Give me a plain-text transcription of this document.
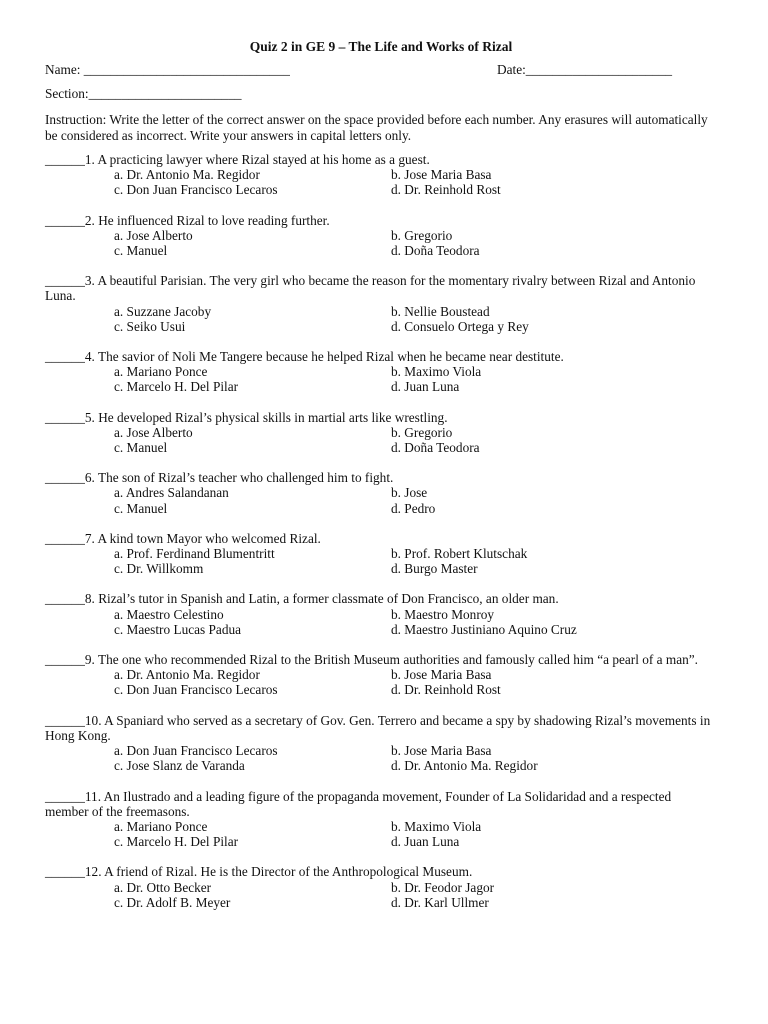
Quiz 2 in GE 9 – The Life and Works of Rizal
Name: _______________________________	Date:______________________
Section:_______________________
Instruction: Write the letter of the correct answer on the space provided before each number. Any erasures will automatically be considered as incorrect. Write your answers in capital letters only.
______1. A practicing lawyer where Rizal stayed at his home as a guest.
a. Dr. Antonio Ma. Regidor	b. Jose Maria Basa
c. Don Juan Francisco Lecaros	d. Dr. Reinhold Rost
______2. He influenced Rizal to love reading further.
a. Jose Alberto	b. Gregorio
c. Manuel	d. Doña Teodora
______3. A beautiful Parisian. The very girl who became the reason for the momentary rivalry between Rizal and Antonio Luna.
a. Suzzane Jacoby	b. Nellie Boustead
c. Seiko Usui	d. Consuelo Ortega y Rey
______4. The savior of Noli Me Tangere because he helped Rizal when he became near destitute.
a. Mariano Ponce	b. Maximo Viola
c. Marcelo H. Del Pilar	d. Juan Luna
______5. He developed Rizal’s physical skills in martial arts like wrestling.
a. Jose Alberto	b. Gregorio
c. Manuel	d. Doña Teodora
______6. The son of Rizal’s teacher who challenged him to fight.
a. Andres Salandanan	b. Jose
c. Manuel	d. Pedro
______7. A kind town Mayor who welcomed Rizal.
a. Prof. Ferdinand Blumentritt	b. Prof. Robert Klutschak
c. Dr. Willkomm	d. Burgo Master
______8. Rizal’s tutor in Spanish and Latin, a former classmate of Don Francisco, an older man.
a. Maestro Celestino	b. Maestro Monroy
c. Maestro Lucas Padua	d. Maestro Justiniano Aquino Cruz
______9. The one who recommended Rizal to the British Museum authorities and famously called him “a pearl of a man”.
a. Dr. Antonio Ma. Regidor	b. Jose Maria Basa
c. Don Juan Francisco Lecaros	d. Dr. Reinhold Rost
______10. A Spaniard who served as a secretary of Gov. Gen. Terrero and became a spy by shadowing Rizal’s movements in Hong Kong.
a. Don Juan Francisco Lecaros	b. Jose Maria Basa
c. Jose Slanz de Varanda	d. Dr. Antonio Ma. Regidor
______11. An Ilustrado and a leading figure of the propaganda movement, Founder of La Solidaridad and a respected member of the freemasons.
a. Mariano Ponce	b. Maximo Viola
c. Marcelo H. Del Pilar	d. Juan Luna
______12. A friend of Rizal. He is the Director of the Anthropological Museum.
a. Dr. Otto Becker	b. Dr. Feodor Jagor
c. Dr. Adolf B. Meyer	d. Dr. Karl Ullmer
